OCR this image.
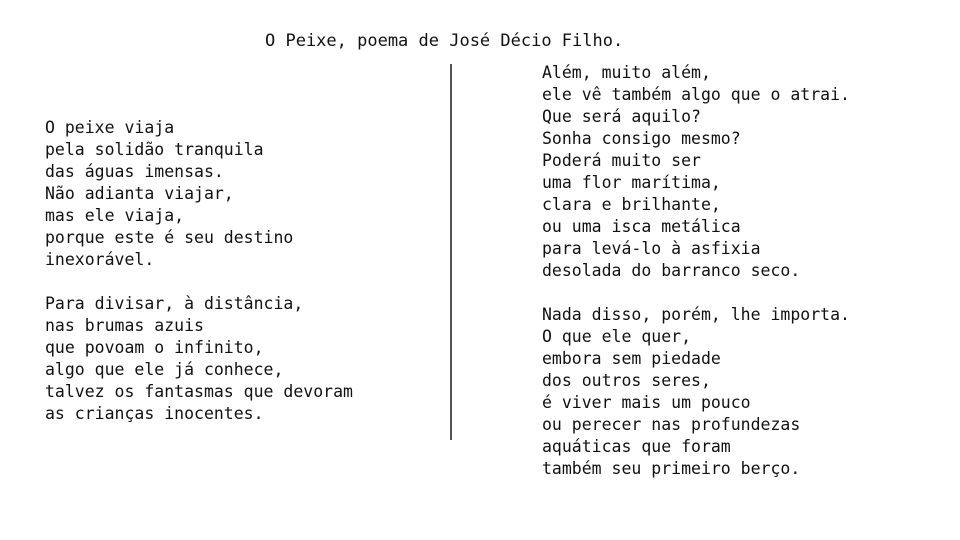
O Peixe, poema de José Décio Filho.
O peixe viaja
pela solidão tranquila
das águas imensas.
Não adianta viajar,
mas ele viaja,
porque este é seu destino
inexorável.
Para divisar, à distância,
nas brumas azuis
que povoam o infinito,
algo que ele já conhece,
talvez os fantasmas que devoram
as crianças inocentes.
Além, muito além,
ele vê também algo que o atrai.
Que será aquilo?
Sonha consigo mesmo?
Poderá muito ser
uma flor marítima,
clara e brilhante,
ou uma isca metálica
para levá-lo à asfixia
desolada do barranco seco.
Nada disso, porém, lhe importa.
O que ele quer,
embora sem piedade
dos outros seres,
é viver mais um pouco
ou perecer nas profundezas
aquáticas que foram
também seu primeiro berço.
